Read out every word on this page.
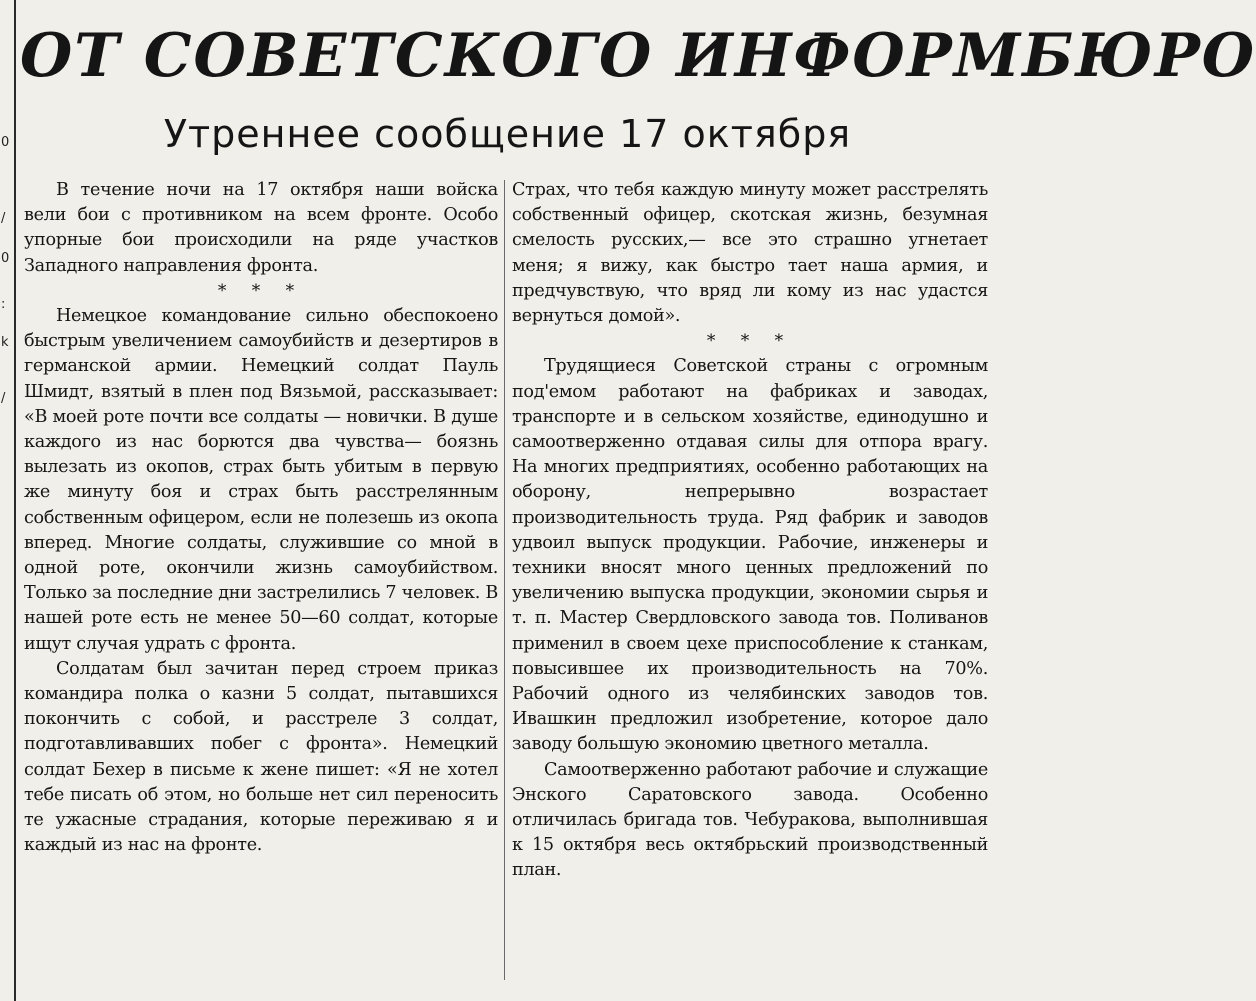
0
/
0
:
k
/
ОТ СОВЕТСКОГО ИНФОРМБЮРО
Утреннее сообщение 17 октября

В течение ночи на 17 октября наши войска вели бои с противником на всем фронте. Особо упорные бои происходили на ряде участков Западного направления фронта.

* * *

Немецкое командование сильно обеспокоено быстрым увеличением самоубийств и дезертиров в германской армии. Немецкий солдат Пауль Шмидт, взятый в плен под Вязьмой, рассказывает: «В моей роте почти все солдаты — новички. В душе каждого из нас борются два чувства— боязнь вылезать из окопов, страх быть убитым в первую же минуту боя и страх быть расстрелянным собственным офицером, если не полезешь из окопа вперед. Многие солдаты, служившие со мной в одной роте, окончили жизнь самоубийством. Только за последние дни застрелились 7 человек. В нашей роте есть не менее 50—60 солдат, которые ищут случая удрать с фронта.

Солдатам был зачитан перед строем приказ командира полка о казни 5 солдат, пытавшихся покончить с собой, и расстреле 3 солдат, подготавливавших побег с фронта». Немецкий солдат Бехер в письме к жене пишет: «Я не хотел тебе писать об этом, но больше нет сил переносить те ужасные страдания, которые переживаю я и каждый из нас на фронте.

Страх, что тебя каждую минуту может расстрелять собственный офицер, скотская жизнь, безумная смелость русских,— все это страшно угнетает меня; я вижу, как быстро тает наша армия, и предчувствую, что вряд ли кому из нас удастся вернуться домой».

* * *

Трудящиеся Советской страны с огромным под'емом работают на фабриках и заводах, транспорте и в сельском хозяйстве, единодушно и самоотверженно отдавая силы для отпора врагу. На многих предприятиях, особенно работающих на оборону, непрерывно возрастает производительность труда. Ряд фабрик и заводов удвоил выпуск продукции. Рабочие, инженеры и техники вносят много ценных предложений по увеличению выпуска продукции, экономии сырья и т. п. Мастер Свердловского завода тов. Поливанов применил в своем цехе приспособление к станкам, повысившее их производительность на 70%. Рабочий одного из челябинских заводов тов. Ивашкин предложил изобретение, которое дало заводу большую экономию цветного металла.

Самоотверженно работают рабочие и служащие Энского Саратовского завода. Особенно отличилась бригада тов. Чебуракова, выполнившая к 15 октября весь октябрьский производственный план.
